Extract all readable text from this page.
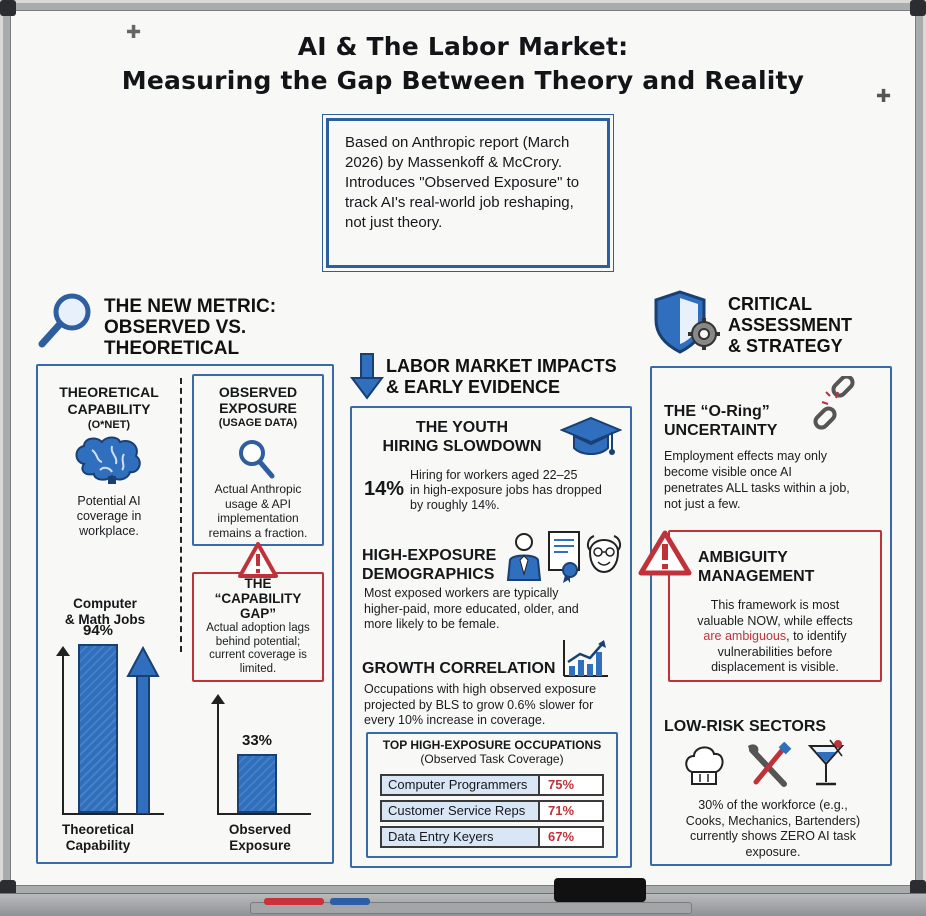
✚
✚
AI & The Labor Market:
Measuring the Gap Between Theory and Reality
Based on Anthropic report (March 2026) by Massenkoff & McCrory. Introduces "Observed Exposure" to track AI's real-world job reshaping, not just theory.
THE NEW METRIC:
OBSERVED VS.
THEORETICAL
THEORETICAL
CAPABILITY
(O*NET)
Potential AI
coverage in
workplace.
OBSERVED
EXPOSURE
(USAGE DATA)
Actual Anthropic
usage & API
implementation
remains a fraction.
THE
“CAPABILITY
GAP”
Actual adoption lags
behind potential;
current coverage is
limited.
Computer
& Math Jobs
94%
Theoretical
Capability
33%
Observed
Exposure
LABOR MARKET IMPACTS
& EARLY EVIDENCE
THE YOUTH
HIRING SLOWDOWN
14%
Hiring for workers aged 22–25
in high-exposure jobs has dropped
by roughly 14%.
HIGH-EXPOSURE
DEMOGRAPHICS
Most exposed workers are typically
higher-paid, more educated, older, and
more likely to be female.
GROWTH CORRELATION
Occupations with high observed exposure
projected by BLS to grow 0.6% slower for
every 10% increase in coverage.
TOP HIGH-EXPOSURE OCCUPATIONS
(Observed Task Coverage)
Computer Programmers	75%
Customer Service Reps	71%
Data Entry Keyers	67%
CRITICAL
ASSESSMENT
& STRATEGY
THE “O-Ring”
UNCERTAINTY
Employment effects may only
become visible once AI
penetrates ALL tasks within a job,
not just a few.
AMBIGUITY
MANAGEMENT
This framework is most
valuable NOW, while effects
are ambiguous, to identify
vulnerabilities before
displacement is visible.
LOW-RISK SECTORS
30% of the workforce (e.g.,
Cooks, Mechanics, Bartenders)
currently shows ZERO AI task
exposure.
